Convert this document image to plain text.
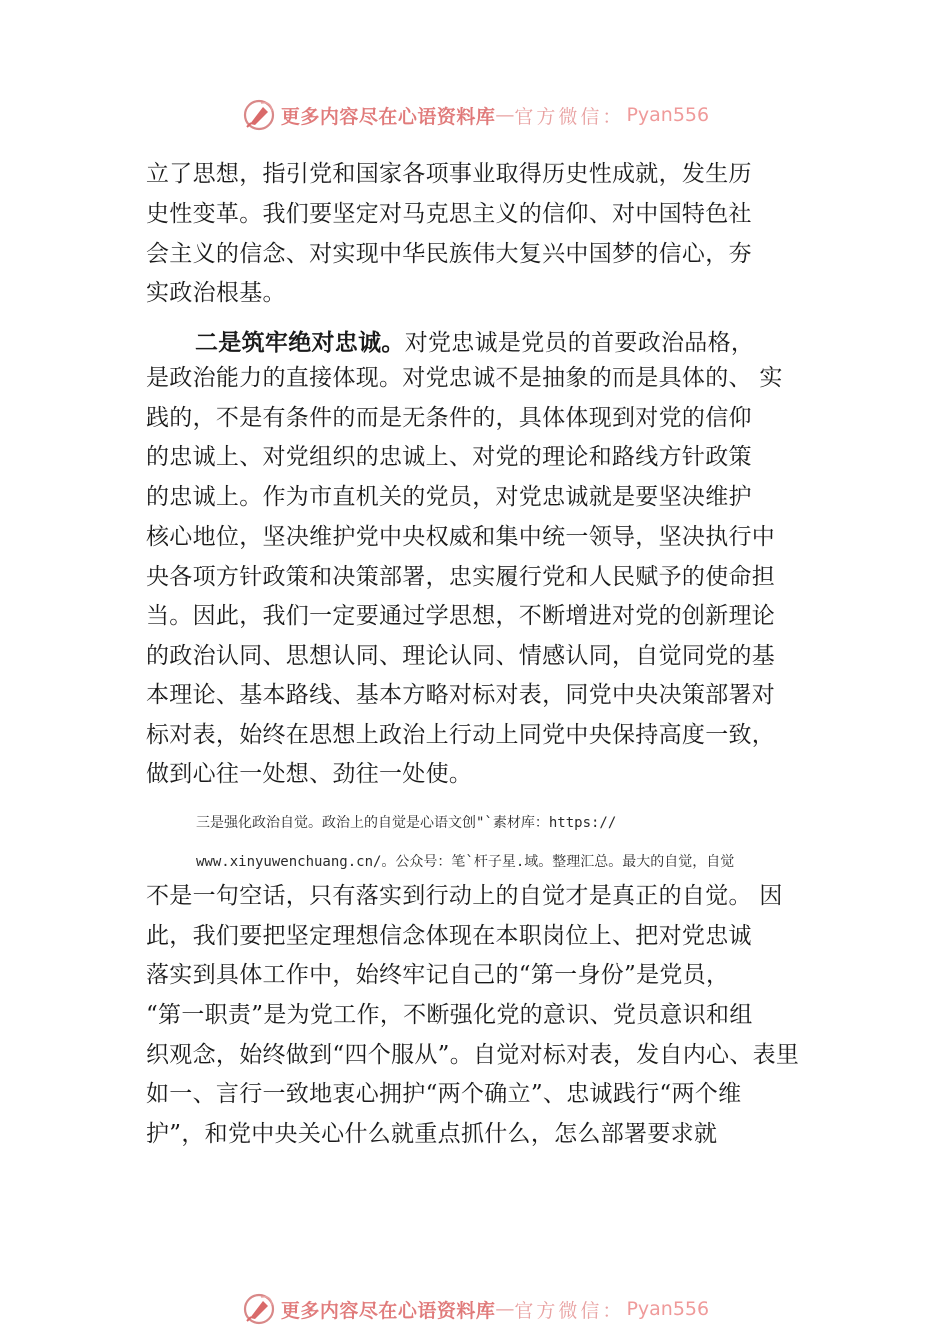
更多内容尽在心语资料库 — 官方微信： Pyan556
立了思想，指引党和国家各项事业取得历史性成就，发生历
史性变革。我们要坚定对马克思主义的信仰、对中国特色社
会主义的信念、对实现中华民族伟大复兴中国梦的信心，夯
实政治根基。
二是筑牢绝对忠诚。对党忠诚是党员的首要政治品格，
是政治能力的直接体现。对党忠诚不是抽象的而是具体的、 实
践的，不是有条件的而是无条件的，具体体现到对党的信仰
的忠诚上、对党组织的忠诚上、对党的理论和路线方针政策
的忠诚上。作为市直机关的党员，对党忠诚就是要坚决维护
核心地位，坚决维护党中央权威和集中统一领导，坚决执行中
央各项方针政策和决策部署，忠实履行党和人民赋予的使命担
当。因此，我们一定要通过学思想，不断增进对党的创新理论
的政治认同、思想认同、理论认同、情感认同，自觉同党的基
本理论、基本路线、基本方略对标对表，同党中央决策部署对
标对表，始终在思想上政治上行动上同党中央保持高度一致，
做到心往一处想、劲往一处使。
三是强化政治自觉。政治上的自觉是心语文创"`素材库：https://
www.xinyuwenchuang.cn/。公众号：笔`杆子星.域。整理汇总。最大的自觉，自觉
不是一句空话，只有落实到行动上的自觉才是真正的自觉。 因
此，我们要把坚定理想信念体现在本职岗位上、把对党忠诚
落实到具体工作中，始终牢记自己的“第一身份”是党员，
“第一职责”是为党工作，不断强化党的意识、党员意识和组
织观念，始终做到“四个服从”。自觉对标对表，发自内心、表里
如一、言行一致地衷心拥护“两个确立”、忠诚践行“两个维
护”，和党中央关心什么就重点抓什么，怎么部署要求就
更多内容尽在心语资料库 — 官方微信： Pyan556
